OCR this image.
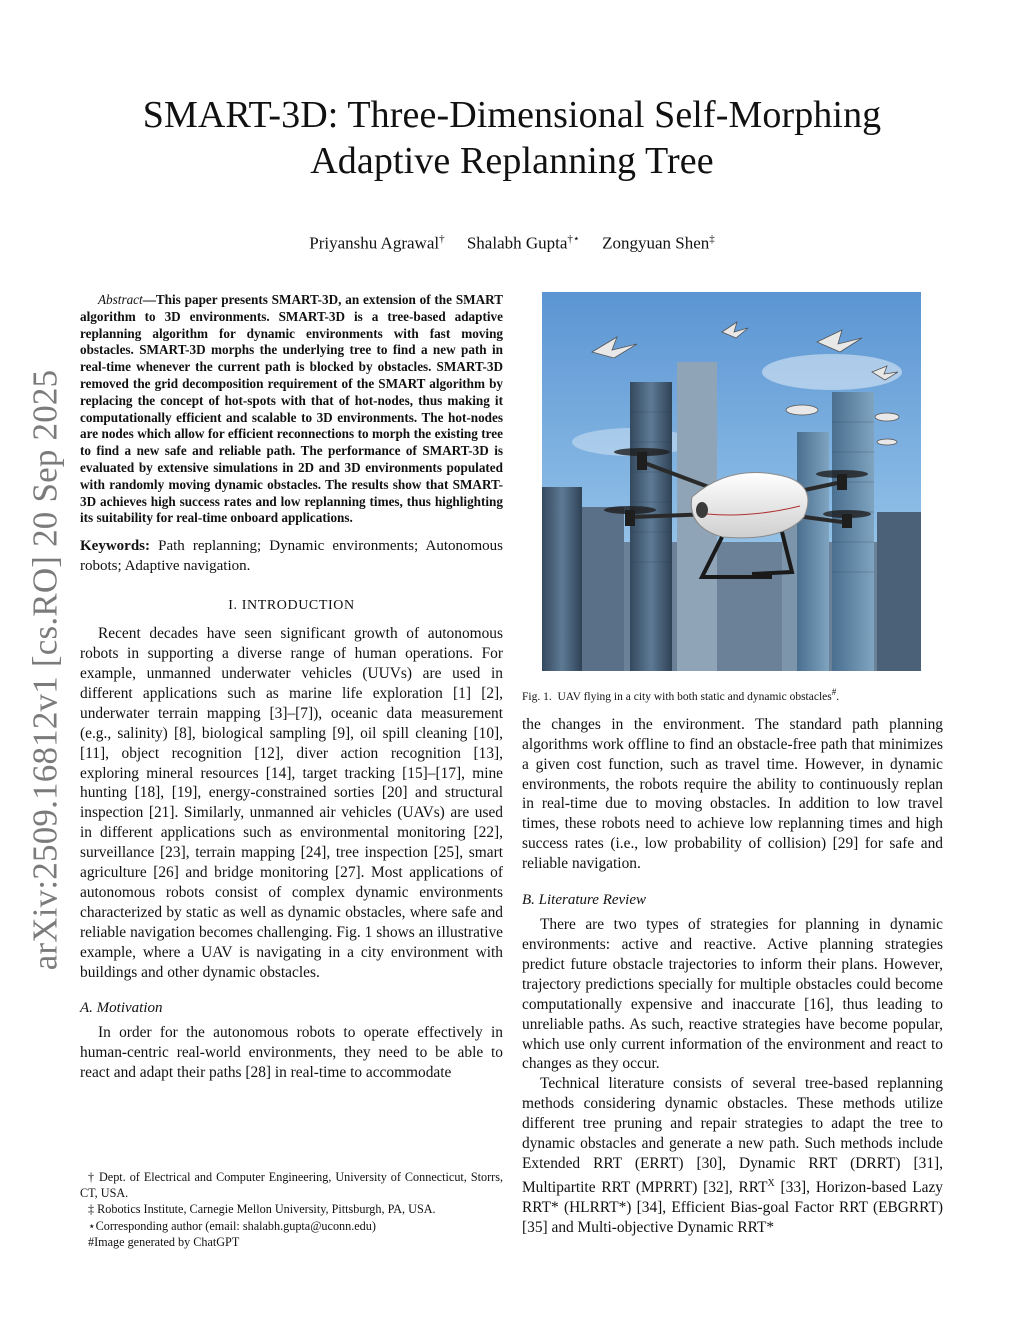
arXiv:2509.16812v1 [cs.RO] 20 Sep 2025
SMART-3D: Three-Dimensional Self-Morphing
Adaptive Replanning Tree
Priyanshu Agrawal† Shalabh Gupta†⋆ Zongyuan Shen‡

Abstract—This paper presents SMART-3D, an extension of the SMART algorithm to 3D environments. SMART-3D is a tree-based adaptive replanning algorithm for dynamic environments with fast moving obstacles. SMART-3D morphs the underlying tree to find a new path in real-time whenever the current path is blocked by obstacles. SMART-3D removed the grid decomposition requirement of the SMART algorithm by replacing the concept of hot-spots with that of hot-nodes, thus making it computationally efficient and scalable to 3D environments. The hot-nodes are nodes which allow for efficient reconnections to morph the existing tree to find a new safe and reliable path. The performance of SMART-3D is evaluated by extensive simulations in 2D and 3D environments populated with randomly moving dynamic obstacles. The results show that SMART-3D achieves high success rates and low replanning times, thus highlighting its suitability for real-time onboard applications.

Keywords: Path replanning; Dynamic environments; Autonomous robots; Adaptive navigation.
I. INTRODUCTION

Recent decades have seen significant growth of autonomous robots in supporting a diverse range of human operations. For example, unmanned underwater vehicles (UUVs) are used in different applications such as marine life exploration [1] [2], underwater terrain mapping [3]–[7]), oceanic data measurement (e.g., salinity) [8], biological sampling [9], oil spill cleaning [10], [11], object recognition [12], diver action recognition [13], exploring mineral resources [14], target tracking [15]–[17], mine hunting [18], [19], energy-constrained sorties [20] and structural inspection [21]. Similarly, unmanned air vehicles (UAVs) are used in different applications such as environmental monitoring [22], surveillance [23], terrain mapping [24], tree inspection [25], smart agriculture [26] and bridge monitoring [27]. Most applications of autonomous robots consist of complex dynamic environments characterized by static as well as dynamic obstacles, where safe and reliable navigation becomes challenging. Fig. 1 shows an illustrative example, where a UAV is navigating in a city environment with buildings and other dynamic obstacles.

A. Motivation

In order for the autonomous robots to operate effectively in human-centric real-world environments, they need to be able to react and adapt their paths [28] in real-time to accommodate

† Dept. of Electrical and Computer Engineering, University of Connecticut, Storrs, CT, USA.

‡ Robotics Institute, Carnegie Mellon University, Pittsburgh, PA, USA.

⋆Corresponding author (email: shalabh.gupta@uconn.edu)

#Image generated by ChatGPT

Fig. 1. UAV flying in a city with both static and dynamic obstacles#.

the changes in the environment. The standard path planning algorithms work offline to find an obstacle-free path that minimizes a given cost function, such as travel time. However, in dynamic environments, the robots require the ability to continuously replan in real-time due to moving obstacles. In addition to low travel times, these robots need to achieve low replanning times and high success rates (i.e., low probability of collision) [29] for safe and reliable navigation.

B. Literature Review

There are two types of strategies for planning in dynamic environments: active and reactive. Active planning strategies predict future obstacle trajectories to inform their plans. However, trajectory predictions specially for multiple obstacles could become computationally expensive and inaccurate [16], thus leading to unreliable paths. As such, reactive strategies have become popular, which use only current information of the environment and react to changes as they occur.

Technical literature consists of several tree-based replanning methods considering dynamic obstacles. These methods utilize different tree pruning and repair strategies to adapt the tree to dynamic obstacles and generate a new path. Such methods include Extended RRT (ERRT) [30], Dynamic RRT (DRRT) [31], Multipartite RRT (MPRRT) [32], $RRT^X$ [33], Horizon-based Lazy RRT* (HLRRT*) [34], Efficient Bias-goal Factor RRT (EBGRRT) [35] and Multi-objective Dynamic RRT*
